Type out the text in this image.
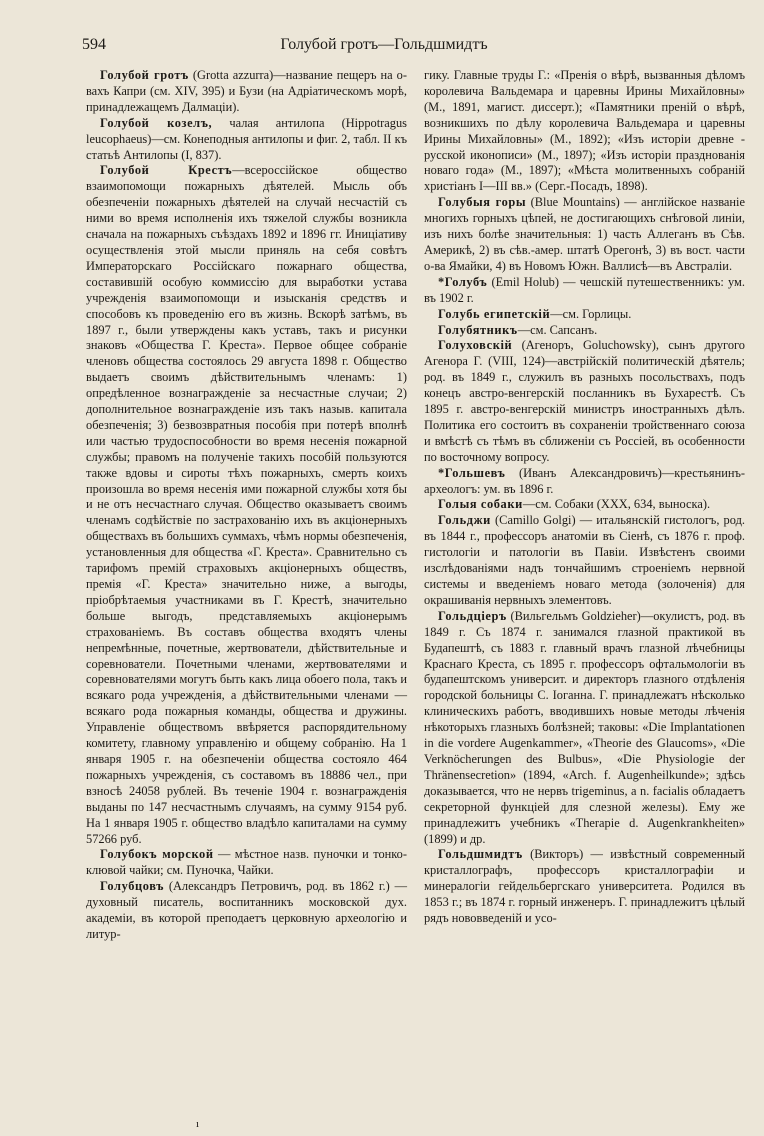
594	Голубой гротъ—Гольдшмидтъ

Голубой гротъ (Grotta azzurra)—название пещеръ на о-вахъ Капри (см. XIV, 395) и Бузи (на Адріатическомъ морѣ, принадлежащемъ Далмаціи).

Голубой козелъ, чалая антилопа (Hippotragus leucophaeus)—см. Конеподныя антилопы и фиг. 2, табл. II къ статьѣ Антилопы (I, 837).

Голубой Крестъ—всероссійское общество взаимопомощи пожарныхъ дѣятелей. Мысль объ обезпеченіи пожарныхъ дѣятелей на случай несчастій съ ними во время исполненія ихъ тяжелой службы возникла сначала на пожарныхъ съѣздахъ 1892 и 1896 гг. Иниціативу осуществленія этой мысли приняль на себя совѣтъ Императорскаго Россійскаго пожарнаго общества, составившій особую коммиссію для выработки устава учрежденія взаимопомощи и изысканія средствъ и способовъ къ проведенію его въ жизнь. Вскорѣ затѣмъ, въ 1897 г., были утверждены какъ уставъ, такъ и рисунки знаковъ «Общества Г. Креста». Первое общее собраніе членовъ общества состоялось 29 августа 1898 г. Общество выдаетъ своимъ дѣйствительнымъ членамъ: 1) опредѣленное вознагражденіе за несчастные случаи; 2) дополнительное вознагражденіе изъ такъ назыв. капитала обезпеченія; 3) безвозвратныя пособія при потерѣ вполнѣ или частью трудоспособности во время несенія пожарной службы; правомъ на полученіе такихъ пособій пользуются также вдовы и сироты тѣхъ пожарныхъ, смерть коихъ произошла во время несенія ими пожарной службы хотя бы и не отъ несчастнаго случая. Общество оказываетъ своимъ членамъ содѣйствіе по застрахованію ихъ въ акціонерныхъ обществахъ въ большихъ суммахъ, чѣмъ нормы обезпеченія, установленныя для общества «Г. Креста». Сравнительно съ тарифомъ премій страховыхъ акціонерныхъ обществъ, премія «Г. Креста» значительно ниже, а выгоды, пріобрѣтаемыя участниками въ Г. Крестѣ, значительно больше выгодъ, представляемыхъ акціонерымъ страхованіемъ. Въ составъ общества входятъ члены непремѣнные, почетные, жертвователи, дѣйствительные и соревнователи. Почетными членами, жертвователями и соревнователями могутъ быть какъ лица обоего пола, такъ и всякаго рода учрежденія, а дѣйствительными членами — всякаго рода пожарныя команды, общества и дружины. Управленіе обществомъ ввѣряется распорядительному комитету, главному управленію и общему собранію. На 1 января 1905 г. на обезпеченіи общества состояло 464 пожарныхъ учрежденія, съ составомъ въ 18886 чел., при взносѣ 24058 рублей. Въ теченіе 1904 г. вознагражденія выданы по 147 несчастнымъ случаямъ, на сумму 9154 руб. На 1 января 1905 г. общество владѣло капиталами на сумму 57266 руб.

Голубокъ морской — мѣстное назв. пуночки и тонко-клювой чайки; см. Пуночка, Чайки.

Голубцовъ (Александръ Петровичъ, род. въ 1862 г.) — духовный писатель, воспитанникъ московской дух. академіи, въ которой преподаетъ церковную археологію и литур-

гику. Главные труды Г.: «Пренія о вѣрѣ, вызванныя дѣломъ королевича Вальдемара и царевны Ирины Михайловны» (М., 1891, магист. диссерт.); «Памятники преній о вѣрѣ, возникшихъ по дѣлу королевича Вальдемара и царевны Ирины Михайловны» (М., 1892); «Изъ исторіи древне - русской иконописи» (М., 1897); «Изъ исторіи празднованія новаго года» (М., 1897); «Мѣста молитвенныхъ собраній христіанъ I—III вв.» (Серг.-Посадъ, 1898).

Голубыя горы (Blue Mountains) — англійское названіе многихъ горныхъ цѣпей, не достигающихъ снѣговой линіи, изъ нихъ болѣе значительныя: 1) часть Аллеганъ въ Сѣв. Америкѣ, 2) въ сѣв.-амер. штатѣ Орегонѣ, 3) въ вост. части о-ва Ямайки, 4) въ Новомъ Южн. Валлисѣ—въ Австраліи.

*Голубъ (Emil Holub) — чешскій путешественникъ: ум. въ 1902 г.

Голубь египетскій—см. Горлицы.

Голубятникъ—см. Сапсанъ.

Голуховскій (Агеноръ, Goluchowsky), сынъ другого Агенора Г. (VIII, 124)—австрійскій политическій дѣятель; род. въ 1849 г., служилъ въ разныхъ посольствахъ, подъ конецъ австро-венгерскій посланникъ въ Бухарестѣ. Съ 1895 г. австро-венгерскій министръ иностранныхъ дѣлъ. Политика его состоитъ въ сохраненіи тройственнаго союза и вмѣстѣ съ тѣмъ въ сближеніи съ Россіей, въ особенности по восточному вопросу.

*Гольшевъ (Иванъ Александровичъ)—крестьянинъ-археологъ: ум. въ 1896 г.

Голыя собаки—см. Собаки (XXX, 634, выноска).

Гольджи (Camillo Golgi) — итальянскій гистологъ, род. въ 1844 г., профессоръ анатоміи въ Сіенѣ, съ 1876 г. проф. гистологіи и патологіи въ Павіи. Извѣстенъ своими изслѣдованіями надъ тончайшимъ строеніемъ нервной системы и введеніемъ новаго метода (золоченія) для окрашиванія нервныхъ элементовъ.

Гольдціеръ (Вильгельмъ Goldzieher)—окулистъ, род. въ 1849 г. Съ 1874 г. занимался глазной практикой въ Будапештѣ, съ 1883 г. главный врачъ глазной лѣчебницы Краснаго Креста, съ 1895 г. профессоръ офтальмологіи въ будапештскомъ университ. и директоръ глазного отдѣленія городской больницы С. Іоганна. Г. принадлежатъ нѣсколько клиническихъ работъ, вводившихъ новые методы лѣченія нѣкоторыхъ глазныхъ болѣзней; таковы: «Die Implantationen in die vordere Augenkammer», «Theorie des Glaucoms», «Die Verknöcherungen des Bulbus», «Die Physiologie der Thränensecretion» (1894, «Arch. f. Augenheilkunde»; здѣсь доказывается, что не нервъ trigeminus, а n. facialis обладаетъ секреторной функціей для слезной железы). Ему же принадлежитъ учебникъ «Therapie d. Augenkrankheiten» (1899) и др.

Гольдшмидтъ (Викторъ) — извѣстный современный кристаллографъ, профессоръ кристаллографіи и минералогіи гейдельбергскаго университета. Родился въ 1853 г.; въ 1874 г. горный инженеръ. Г. принадлежитъ цѣлый рядъ нововведеній и усо-

ı
